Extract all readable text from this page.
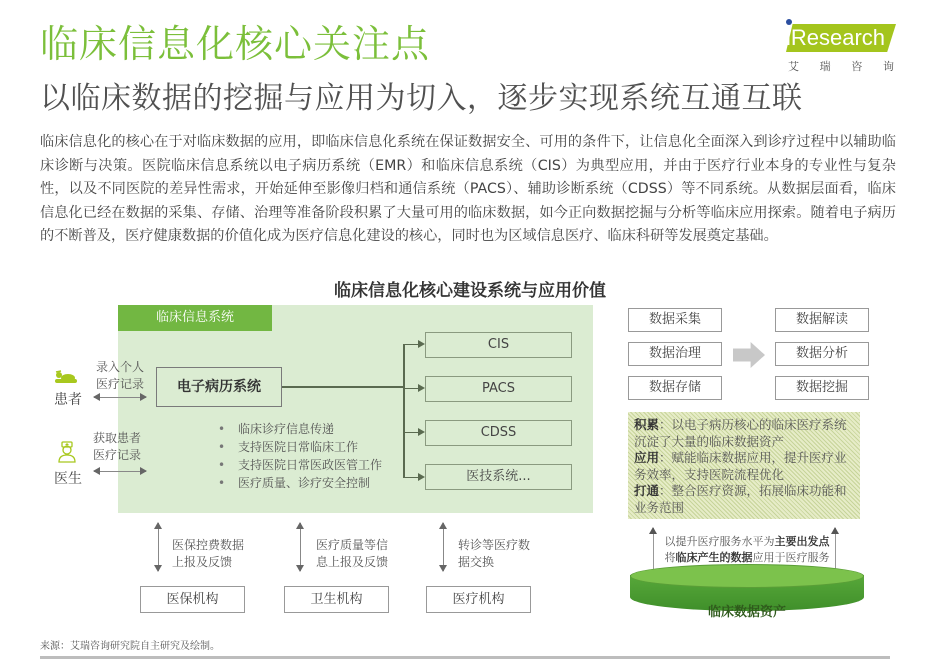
临床信息化核心关注点
以临床数据的挖掘与应用为切入，逐步实现系统互通互联
iResearch
艾 瑞 咨 询
临床信息化的核心在于对临床数据的应用，即临床信息化系统在保证数据安全、可用的条件下，让信息化全面深入到诊疗过程中以辅助临床诊断与决策。医院临床信息系统以电子病历系统（EMR）和临床信息系统（CIS）为典型应用，并由于医疗行业本身的专业性与复杂性，以及不同医院的差异性需求，开始延伸至影像归档和通信系统（PACS）、辅助诊断系统（CDSS）等不同系统。从数据层面看，临床信息化已经在数据的采集、存储、治理等准备阶段积累了大量可用的临床数据，如今正向数据挖掘与分析等临床应用探索。随着电子病历的不断普及，医疗健康数据的价值化成为医疗信息化建设的核心，同时也为区域信息医疗、临床科研等发展奠定基础。
临床信息化核心建设系统与应用价值
临床信息系统
患者
录入个人
医疗记录
医生
获取患者
医疗记录
电子病历系统
CIS
PACS
CDSS
医技系统...
• 临床诊疗信息传递
• 支持医院日常临床工作
• 支持医院日常医政医管工作
• 医疗质量、诊疗安全控制
医保控费数据
上报及反馈
医保机构
医疗质量等信
息上报及反馈
卫生机构
转诊等医疗数
据交换
医疗机构
数据采集
数据治理
数据存储
数据解读
数据分析
数据挖掘
积累：以电子病历核心的临床医疗系统沉淀了大量的临床数据资产
应用：赋能临床数据应用，提升医疗业务效率，支持医院流程优化
打通：整合医疗资源，拓展临床功能和业务范围
以提升医疗服务水平为主要出发点
将临床产生的数据应用于医疗服务
临床数据资产
来源：艾瑞咨询研究院自主研究及绘制。
